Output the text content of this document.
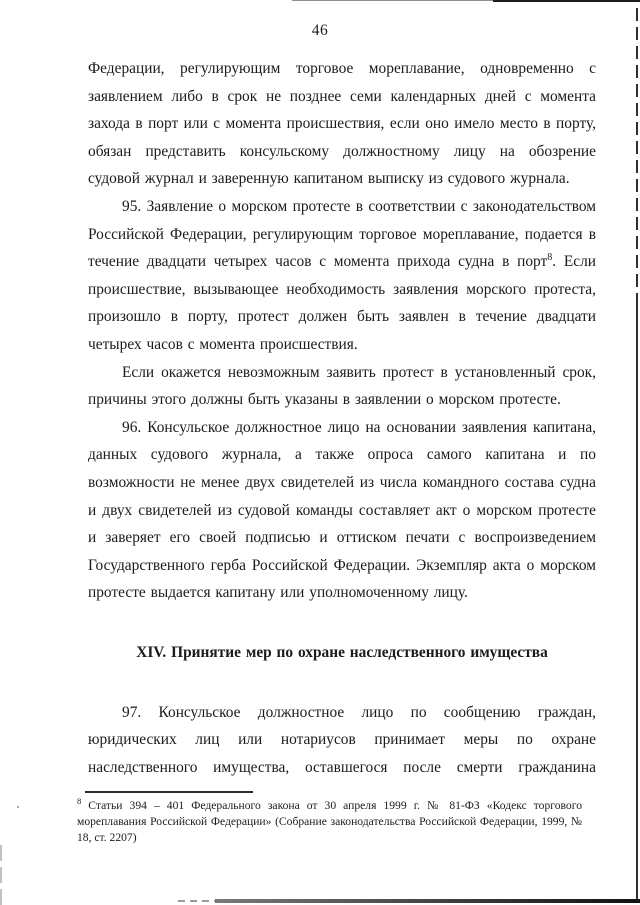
46

Федерации, регулирующим торговое мореплавание, одновременно с заявлением либо в срок не позднее семи календарных дней с момента захода в порт или с момента происшествия, если оно имело место в порту, обязан представить консульскому должностному лицу на обозрение судовой журнал и заверенную капитаном выписку из судового журнала.

95. Заявление о морском протесте в соответствии с законодательством Российской Федерации, регулирующим торговое мореплавание, подается в течение двадцати четырех часов с момента прихода судна в порт$^8$. Если происшествие, вызывающее необходимость заявления морского протеста, произошло в порту, протест должен быть заявлен в течение двадцати четырех часов с момента происшествия.

Если окажется невозможным заявить протест в установленный срок, причины этого должны быть указаны в заявлении о морском протесте.

96. Консульское должностное лицо на основании заявления капитана, данных судового журнала, а также опроса самого капитана и по возможности не менее двух свидетелей из числа командного состава судна и двух свидетелей из судовой команды составляет акт о морском протесте и заверяет его своей подписью и оттиском печати с воспроизведением Государственного герба Российской Федерации. Экземпляр акта о морском протесте выдается капитану или уполномоченному лицу.

XIV. Принятие мер по охране наследственного имущества

97. Консульское должностное лицо по сообщению граждан, юридических лиц или нотариусов принимает меры по охране наследственного имущества, оставшегося после смерти гражданина

$^8$ Статьи 394 – 401 Федерального закона от 30 апреля 1999 г. № 81-ФЗ «Кодекс торгового мореплавания Российской Федерации» (Собрание законодательства Российской Федерации, 1999, № 18, ст. 2207)
